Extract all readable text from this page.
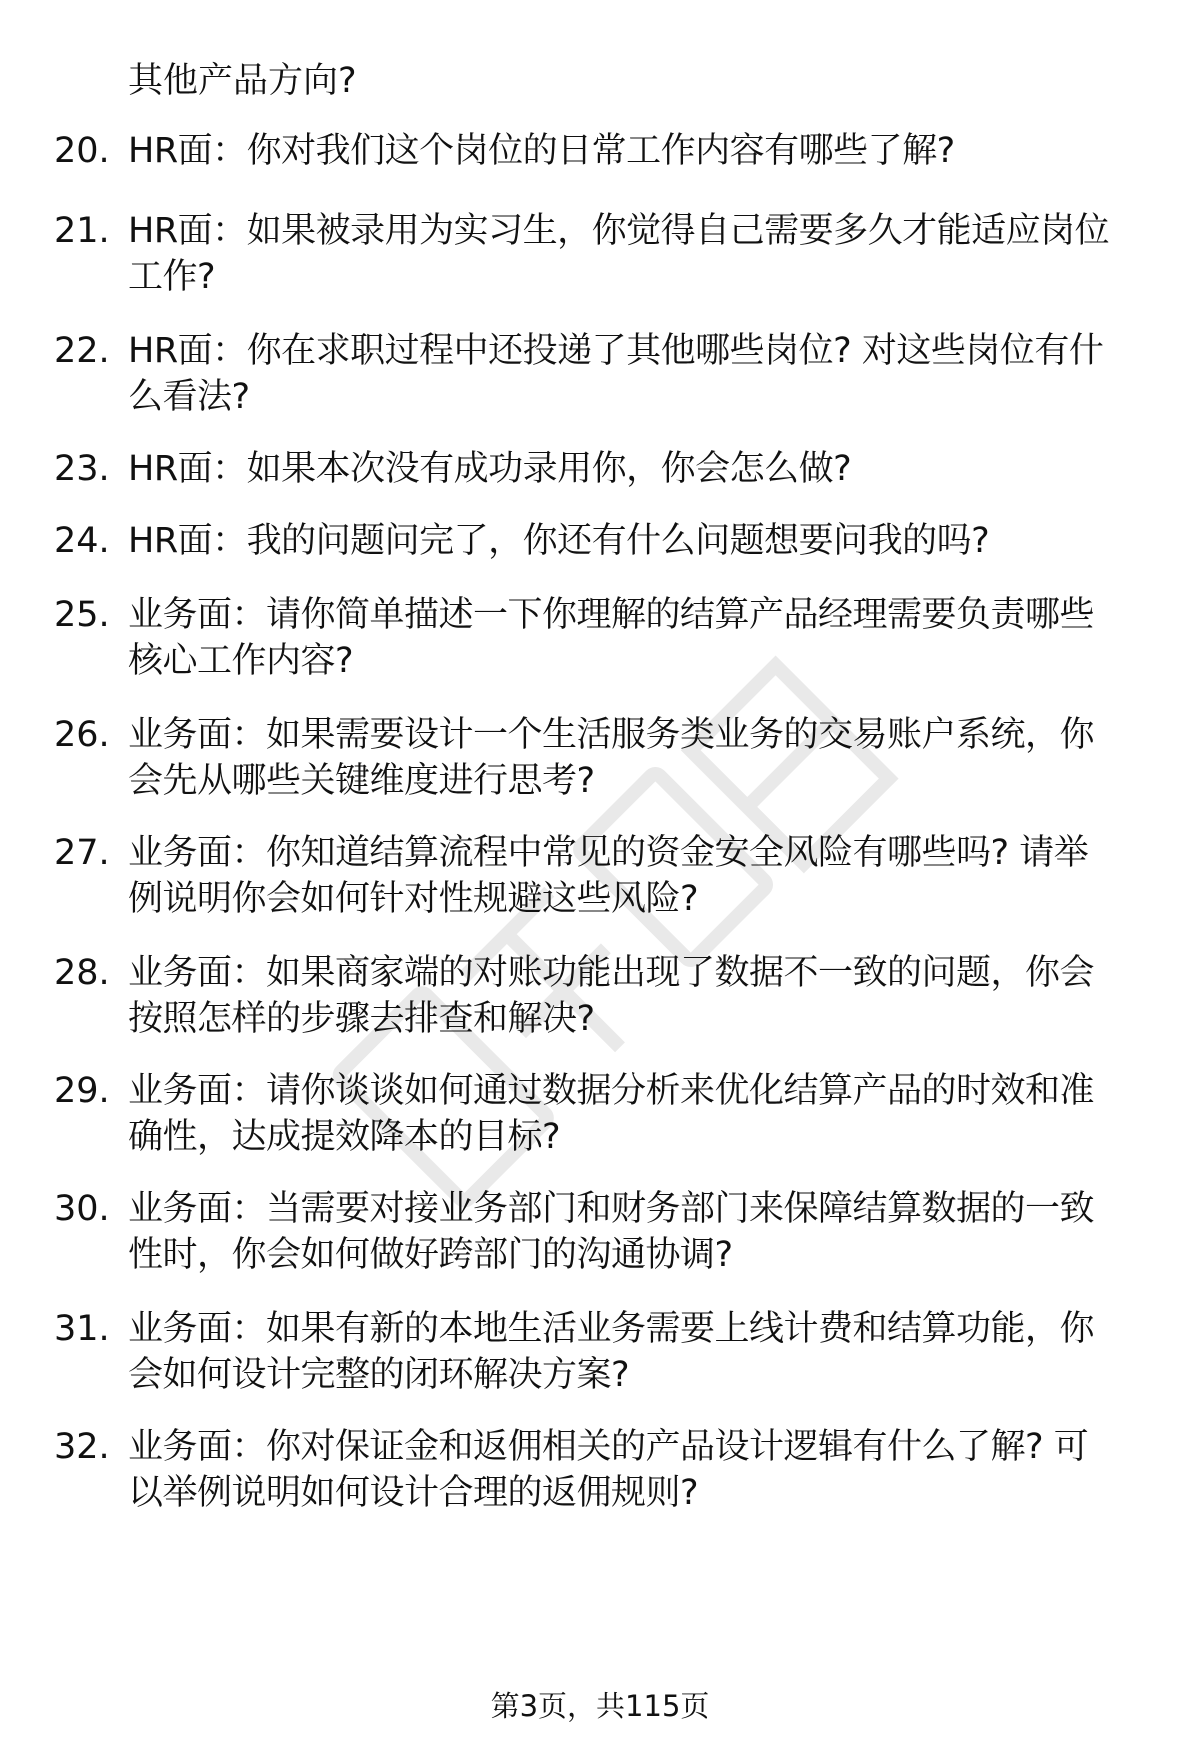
其他产品方向?
20. HR面：你对我们这个岗位的日常工作内容有哪些了解?
21. HR面：如果被录用为实习生，你觉得自己需要多久才能适应岗位
工作?
22. HR面：你在求职过程中还投递了其他哪些岗位? 对这些岗位有什
么看法?
23. HR面：如果本次没有成功录用你，你会怎么做?
24. HR面：我的问题问完了，你还有什么问题想要问我的吗?
25. 业务面：请你简单描述一下你理解的结算产品经理需要负责哪些
核心工作内容?
26. 业务面：如果需要设计一个生活服务类业务的交易账户系统，你
会先从哪些关键维度进行思考?
27. 业务面：你知道结算流程中常见的资金安全风险有哪些吗? 请举
例说明你会如何针对性规避这些风险?
28. 业务面：如果商家端的对账功能出现了数据不一致的问题，你会
按照怎样的步骤去排查和解决?
29. 业务面：请你谈谈如何通过数据分析来优化结算产品的时效和准
确性，达成提效降本的目标?
30. 业务面：当需要对接业务部门和财务部门来保障结算数据的一致
性时，你会如何做好跨部门的沟通协调?
31. 业务面：如果有新的本地生活业务需要上线计费和结算功能，你
会如何设计完整的闭环解决方案?
32. 业务面：你对保证金和返佣相关的产品设计逻辑有什么了解? 可
以举例说明如何设计合理的返佣规则?
第3页，共115页
